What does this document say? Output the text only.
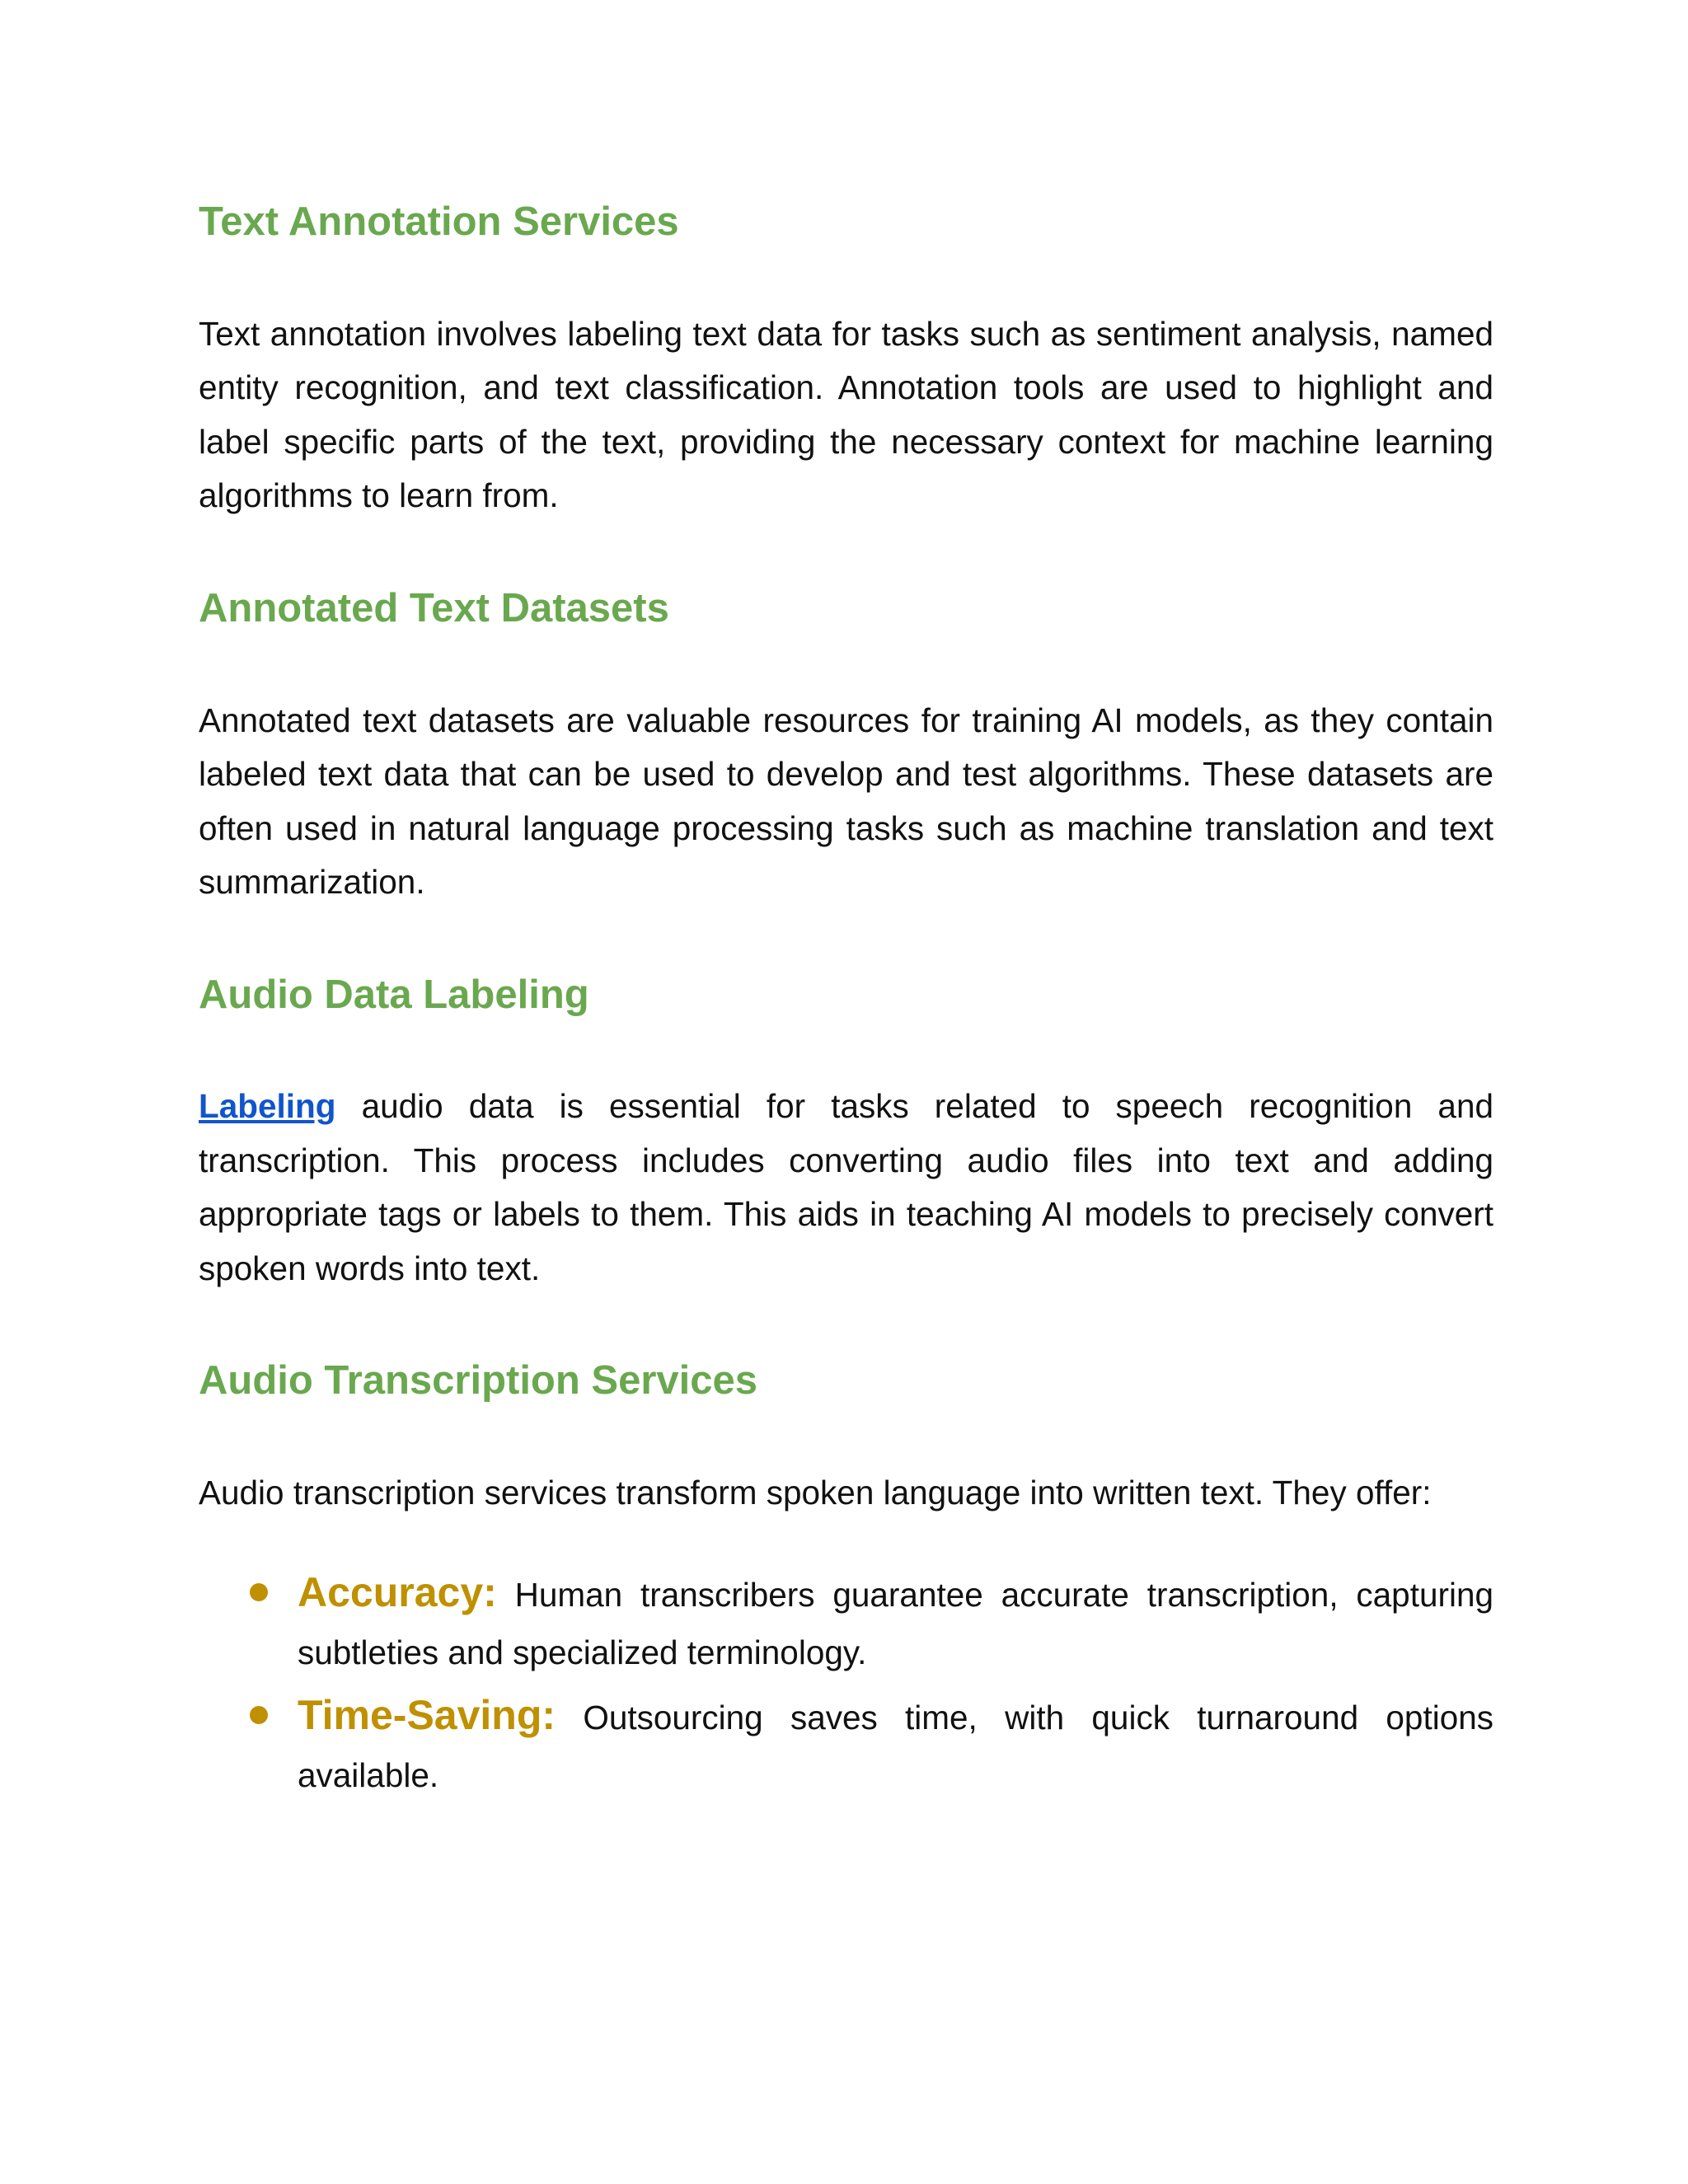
Text Annotation Services

Text annotation involves labeling text data for tasks such as sentiment analysis, named entity recognition, and text classification. Annotation tools are used to highlight and label specific parts of the text, providing the necessary context for machine learning algorithms to learn from.

Annotated Text Datasets

Annotated text datasets are valuable resources for training AI models, as they contain labeled text data that can be used to develop and test algorithms. These datasets are often used in natural language processing tasks such as machine translation and text summarization.

Audio Data Labeling

Labeling audio data is essential for tasks related to speech recognition and transcription. This process includes converting audio files into text and adding appropriate tags or labels to them. This aids in teaching AI models to precisely convert spoken words into text.

Audio Transcription Services

Audio transcription services transform spoken language into written text. They offer:

Accuracy: Human transcribers guarantee accurate transcription, capturing subtleties and specialized terminology.
Time-Saving: Outsourcing saves time, with quick turnaround options available.
